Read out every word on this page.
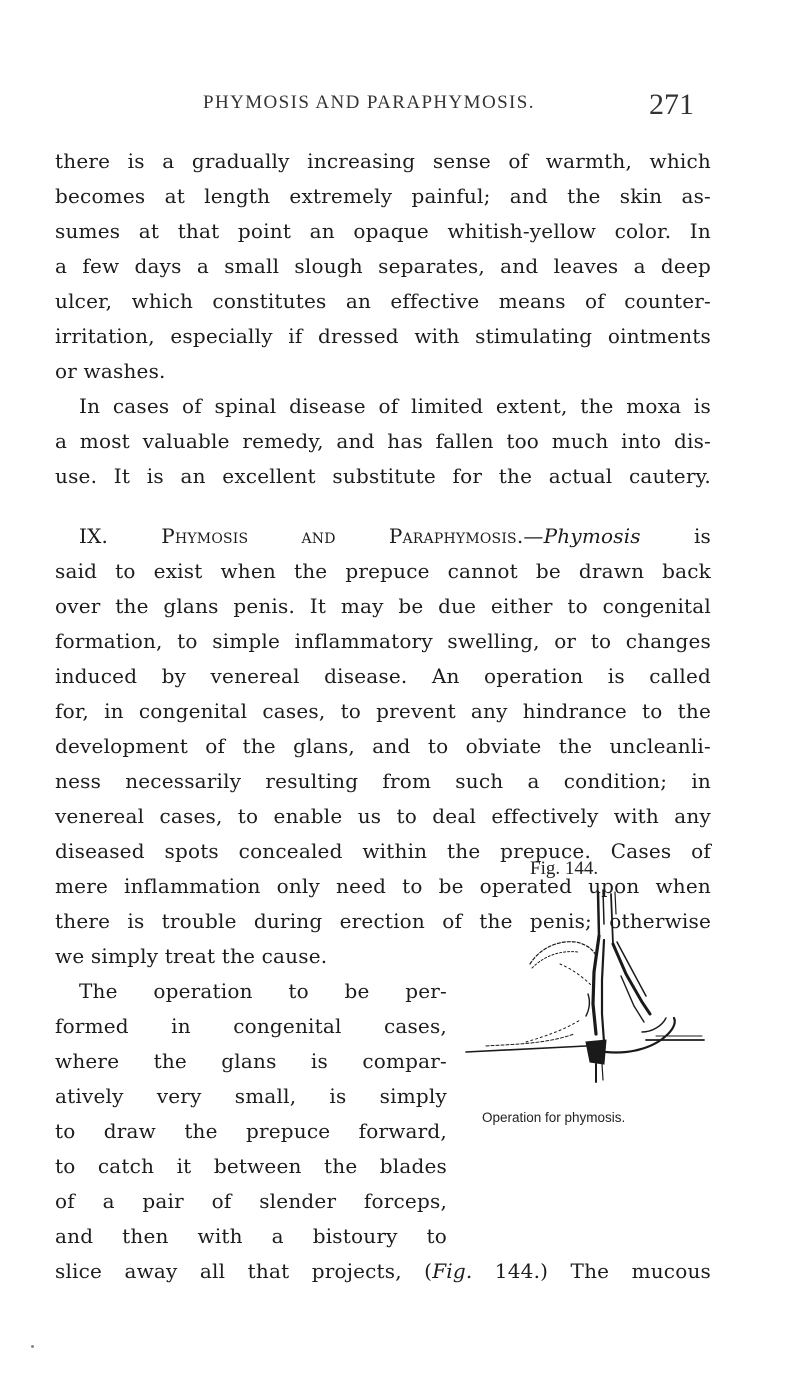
PHYMOSIS AND PARAPHYMOSIS.	271
there is a gradually increasing sense of warmth, which
becomes at length extremely painful; and the skin as-
sumes at that point an opaque whitish-yellow color. In
a few days a small slough separates, and leaves a deep
ulcer, which constitutes an effective means of counter-
irritation, especially if dressed with stimulating ointments
or washes.
In cases of spinal disease of limited extent, the moxa is
a most valuable remedy, and has fallen too much into dis-
use. It is an excellent substitute for the actual cautery.
IX.	Phymosis and Paraphymosis.—Phymosis is
said to exist when the prepuce cannot be drawn back
over the glans penis. It may be due either to congenital
formation, to simple inflammatory swelling, or to changes
induced by venereal disease. An operation is called
for, in congenital cases, to prevent any hindrance to the
development of the glans, and to obviate the uncleanli-
ness necessarily resulting from such a condition; in
venereal cases, to enable us to deal effectively with any
diseased spots concealed within the prepuce. Cases of
mere inflammation only need to be operated upon when
there is trouble during erection of the penis; otherwise
we simply treat the cause.
The operation to be per-
formed in congenital cases,
where the glans is compar-
atively very small, is simply
to draw the prepuce forward,
to catch it between the blades
of a pair of slender forceps,
and then with a bistoury to
slice away all that projects, (Fig. 144.) The mucous
Fig. 144.
Operation for phymosis.
